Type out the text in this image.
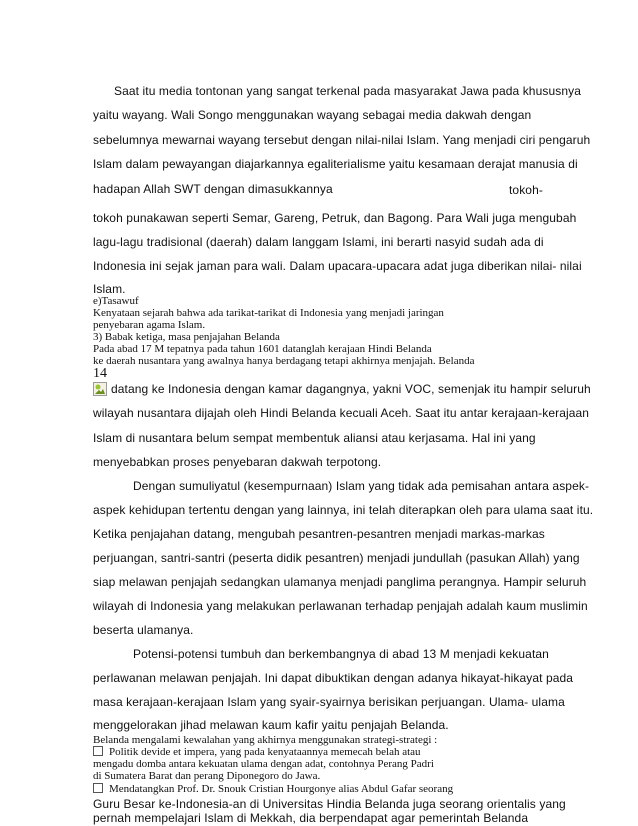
Saat itu media tontonan yang sangat terkenal pada masyarakat Jawa pada khususnya

yaitu wayang. Wali Songo menggunakan wayang sebagai media dakwah dengan

sebelumnya mewarnai wayang tersebut dengan nilai-nilai Islam. Yang menjadi ciri pengaruh

Islam dalam pewayangan diajarkannya egaliterialisme yaitu kesamaan derajat manusia di

hadapan Allah SWT dengan dimasukkannya	tokoh-

tokoh punakawan seperti Semar, Gareng, Petruk, dan Bagong. Para Wali juga mengubah

lagu-lagu tradisional (daerah) dalam langgam Islami, ini berarti nasyid sudah ada di

Indonesia ini sejak jaman para wali. Dalam upacara-upacara adat juga diberikan nilai- nilai

Islam.

e)Tasawuf

Kenyataan sejarah bahwa ada tarikat-tarikat di Indonesia yang menjadi jaringan

penyebaran agama Islam.

3) Babak ketiga, masa penjajahan Belanda

Pada abad 17 M tepatnya pada tahun 1601 datanglah kerajaan Hindi Belanda

ke daerah nusantara yang awalnya hanya berdagang tetapi akhirnya menjajah. Belanda

14

datang ke Indonesia dengan kamar dagangnya, yakni VOC, semenjak itu hampir seluruh

wilayah nusantara dijajah oleh Hindi Belanda kecuali Aceh. Saat itu antar kerajaan-kerajaan

Islam di nusantara belum sempat membentuk aliansi atau kerjasama. Hal ini yang

menyebabkan proses penyebaran dakwah terpotong.

Dengan sumuliyatul (kesempurnaan) Islam yang tidak ada pemisahan antara aspek-

aspek kehidupan tertentu dengan yang lainnya, ini telah diterapkan oleh para ulama saat itu.

Ketika penjajahan datang, mengubah pesantren-pesantren menjadi markas-markas

perjuangan, santri-santri (peserta didik pesantren) menjadi jundullah (pasukan Allah) yang

siap melawan penjajah sedangkan ulamanya menjadi panglima perangnya. Hampir seluruh

wilayah di Indonesia yang melakukan perlawanan terhadap penjajah adalah kaum muslimin

beserta ulamanya.

Potensi-potensi tumbuh dan berkembangnya di abad 13 M menjadi kekuatan

perlawanan melawan penjajah. Ini dapat dibuktikan dengan adanya hikayat-hikayat pada

masa kerajaan-kerajaan Islam yang syair-syairnya berisikan perjuangan. Ulama- ulama

menggelorakan jihad melawan kaum kafir yaitu penjajah Belanda.

Belanda mengalami kewalahan yang akhirnya menggunakan strategi-strategi :

Politik devide et impera, yang pada kenyataannya memecah belah atau

mengadu domba antara kekuatan ulama dengan adat, contohnya Perang Padri

di Sumatera Barat dan perang Diponegoro do Jawa.

Mendatangkan Prof. Dr. Snouk Cristian Hourgonye alias Abdul Gafar seorang

Guru Besar ke-Indonesia-an di Universitas Hindia Belanda juga seorang orientalis yang

pernah mempelajari Islam di Mekkah, dia berpendapat agar pemerintah Belanda
